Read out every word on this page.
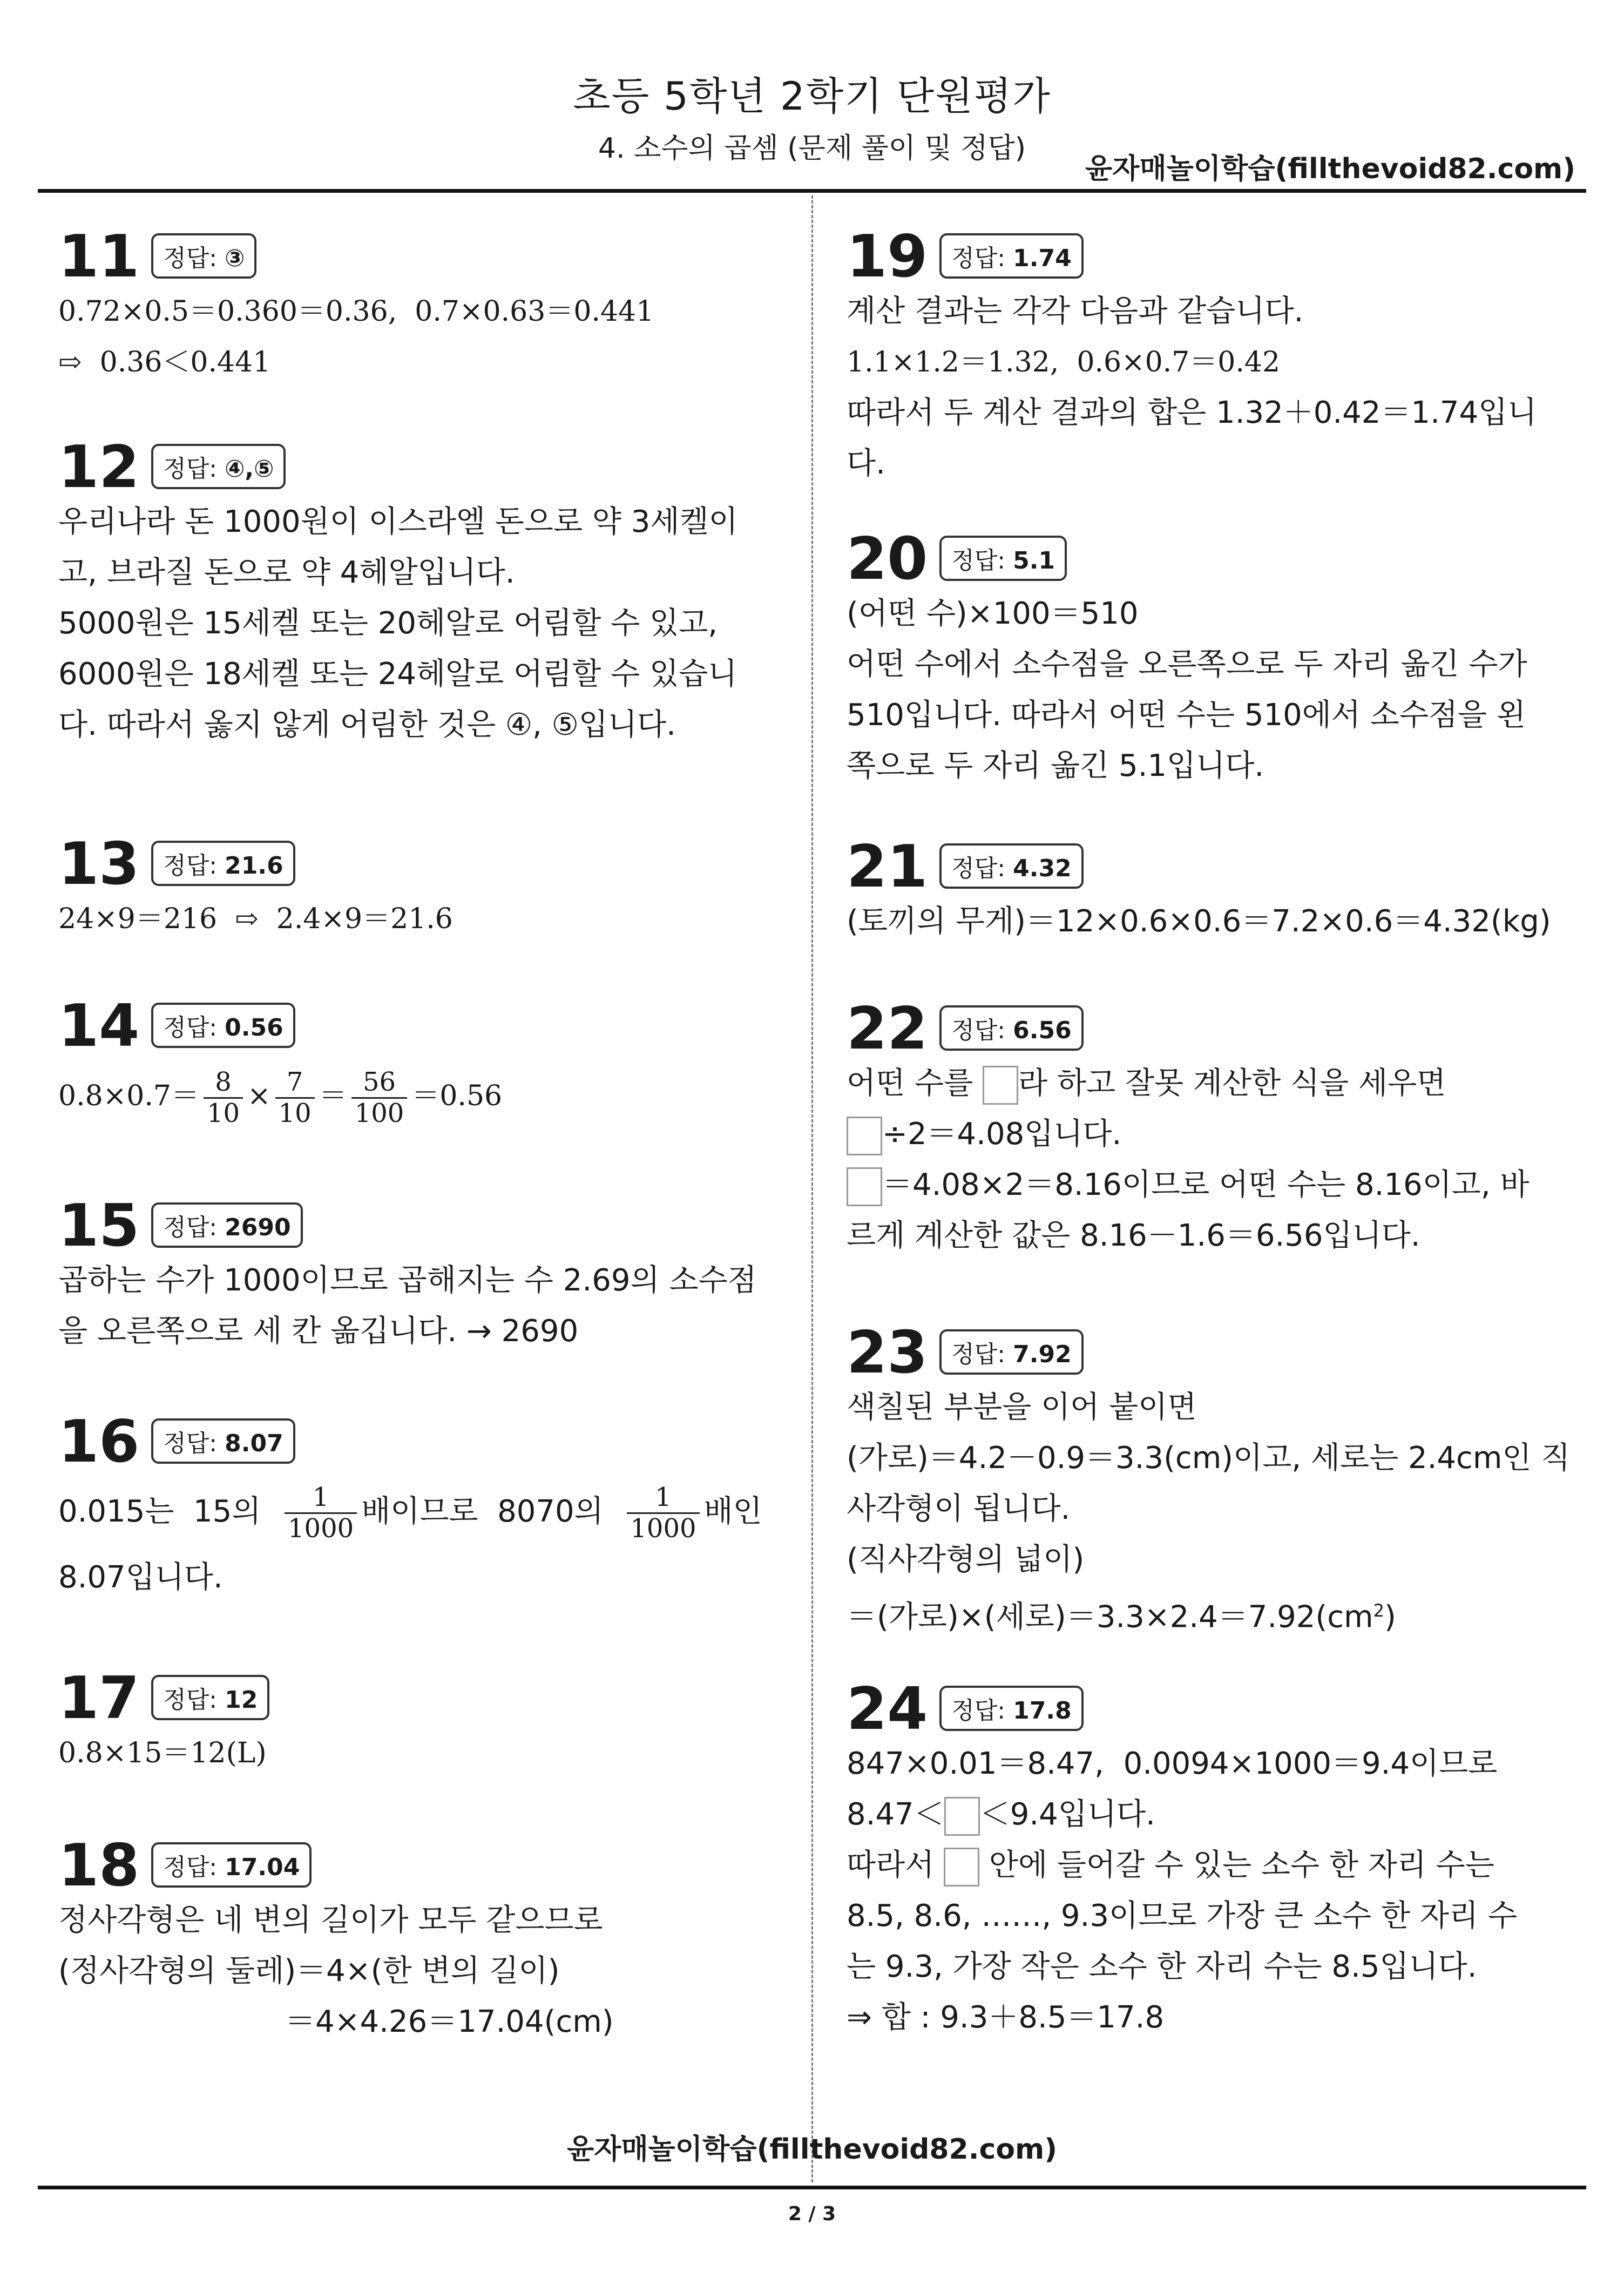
초등 5학년 2학기 단원평가
4. 소수의 곱셈 (문제 풀이 및 정답)
윤자매놀이학습(fillthevoid82.com)
11	정답: ③
0.72×0.5＝0.360＝0.36,  0.7×0.63＝0.441
⇨  0.36＜0.441
12	정답: ④,⑤
우리나라 돈 1000원이 이스라엘 돈으로 약 3세켈이
고, 브라질 돈으로 약 4헤알입니다.
5000원은 15세켈 또는 20헤알로 어림할 수 있고,
6000원은 18세켈 또는 24헤알로 어림할 수 있습니
다. 따라서 옳지 않게 어림한 것은 ④, ⑤입니다.
13	정답: 21.6
24×9＝216  ⇨  2.4×9＝21.6
14	정답: 0.56
$0.8\times 0.7= \frac{8}{10} \times \frac{7}{10} = \frac{56}{100} =0.56$
15	정답: 2690
곱하는 수가 1000이므로 곱해지는 수 2.69의 소수점
을 오른쪽으로 세 칸 옮깁니다. → 2690
16	정답: 8.07
0.015는  15의 $\frac{1}{1000}$ 배이므로  8070의 $\frac{1}{1000}$ 배인
8.07입니다.
17	정답: 12
0.8×15＝12(L)
18	정답: 17.04
정사각형은 네 변의 길이가 모두 같으므로
(정사각형의 둘레)＝4×(한 변의 길이)
＝4×4.26＝17.04(cm)
19	정답: 1.74
계산 결과는 각각 다음과 같습니다.
1.1×1.2＝1.32,  0.6×0.7＝0.42
따라서 두 계산 결과의 합은 1.32＋0.42＝1.74입니
다.
20	정답: 5.1
(어떤 수)×100＝510
어떤 수에서 소수점을 오른쪽으로 두 자리 옮긴 수가
510입니다. 따라서 어떤 수는 510에서 소수점을 왼
쪽으로 두 자리 옮긴 5.1입니다.
21	정답: 4.32
(토끼의 무게)＝12×0.6×0.6＝7.2×0.6＝4.32(kg)
22	정답: 6.56
어떤 수를 라 하고 잘못 계산한 식을 세우면
÷2＝4.08입니다.
＝4.08×2＝8.16이므로 어떤 수는 8.16이고, 바
르게 계산한 값은 8.16－1.6＝6.56입니다.
23	정답: 7.92
색칠된 부분을 이어 붙이면
(가로)＝4.2－0.9＝3.3(cm)이고, 세로는 2.4cm인 직
사각형이 됩니다.
(직사각형의 넓이)
＝(가로)×(세로)$=3.3\times 2.4=7.92(cm^2)$
24	정답: 17.8
847×0.01＝8.47,  0.0094×1000＝9.4이므로
8.47＜ ＜9.4입니다.
따라서  안에 들어갈 수 있는 소수 한 자리 수는
8.5, 8.6, ……, 9.3이므로 가장 큰 소수 한 자리 수
는 9.3, 가장 작은 소수 한 자리 수는 8.5입니다.
⇒ 합 : 9.3＋8.5＝17.8
윤자매놀이학습(fillthevoid82.com)
2 / 3
